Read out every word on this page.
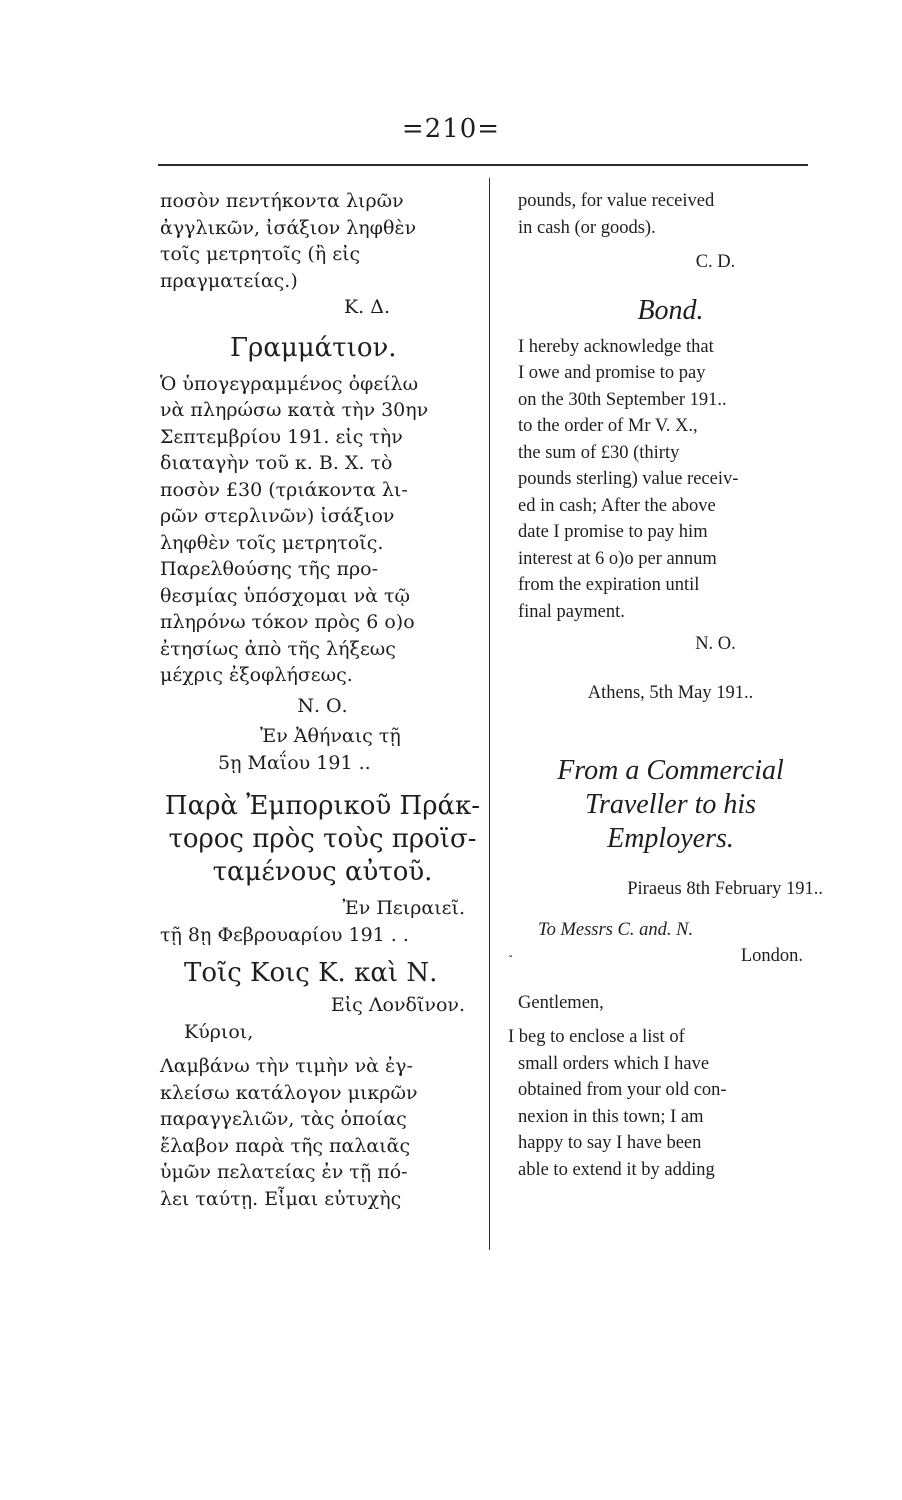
=210=

ποσὸν πεντήκοντα λιρῶν

ἀγγλικῶν, ἰσάξιον ληφθὲν

τοῖς μετρητοῖς (ἢ εἰς

πραγματείας.)

Κ. Δ.

Γραμμάτιον.

Ὁ ὑπογεγραμμένος ὀφείλω

νὰ πληρώσω κατὰ τὴν 30ην

Σεπτεμβρίου 191. εἰς τὴν

διαταγὴν τοῦ κ. Β. Χ. τὸ

ποσὸν £30 (τριάκοντα λι-

ρῶν στερλινῶν) ἰσάξιον

ληφθὲν τοῖς μετρητοῖς.

Παρελθούσης τῆς προ-

θεσμίας ὑπόσχομαι νὰ τῷ

πληρόνω τόκον πρὸς 6 ο)ο

ἐτησίως ἀπὸ τῆς λήξεως

μέχρις ἐξοφλήσεως.

Ν. Ο.

Ἐν Ἀθήναις τῇ

5ῃ Μαΐου 191 ..

Παρὰ Ἐμπορικοῦ Πράκ-

τορος πρὸς τοὺς προϊσ-

ταμένους αὐτοῦ.

Ἐν Πειραιεῖ.

τῇ 8ῃ Φεβρουαρίου 191 . .

Τοῖς Κοις Κ. καὶ Ν.

Εἰς Λονδῖνον.

Κύριοι,

Λαμβάνω τὴν τιμὴν νὰ ἐγ-

κλείσω κατάλογον μικρῶν

παραγγελιῶν, τὰς ὁποίας

ἔλαβον παρὰ τῆς παλαιᾶς

ὑμῶν πελατείας ἐν τῇ πό-

λει ταύτῃ. Εἶμαι εὐτυχὴς

pounds, for value received

in cash (or goods).

C. D.

Bond.

I hereby acknowledge that

I owe and promise to pay

on the 30th September 191..

to the order of Mr V. X.,

the sum of £30 (thirty

pounds sterling) value receiv-

ed in cash; After the above

date I promise to pay him

interest at 6 o)o per annum

from the expiration until

final payment.

N. O.

Athens, 5th May 191..

From a Commercial

Traveller to his

Employers.

Piraeus 8th February 191..

To Messrs C. and. N.

˯	London.

Gentlemen,

I beg to enclose a list of

small orders which I have

obtained from your old con-

nexion in this town; I am

happy to say I have been

able to extend it by adding
